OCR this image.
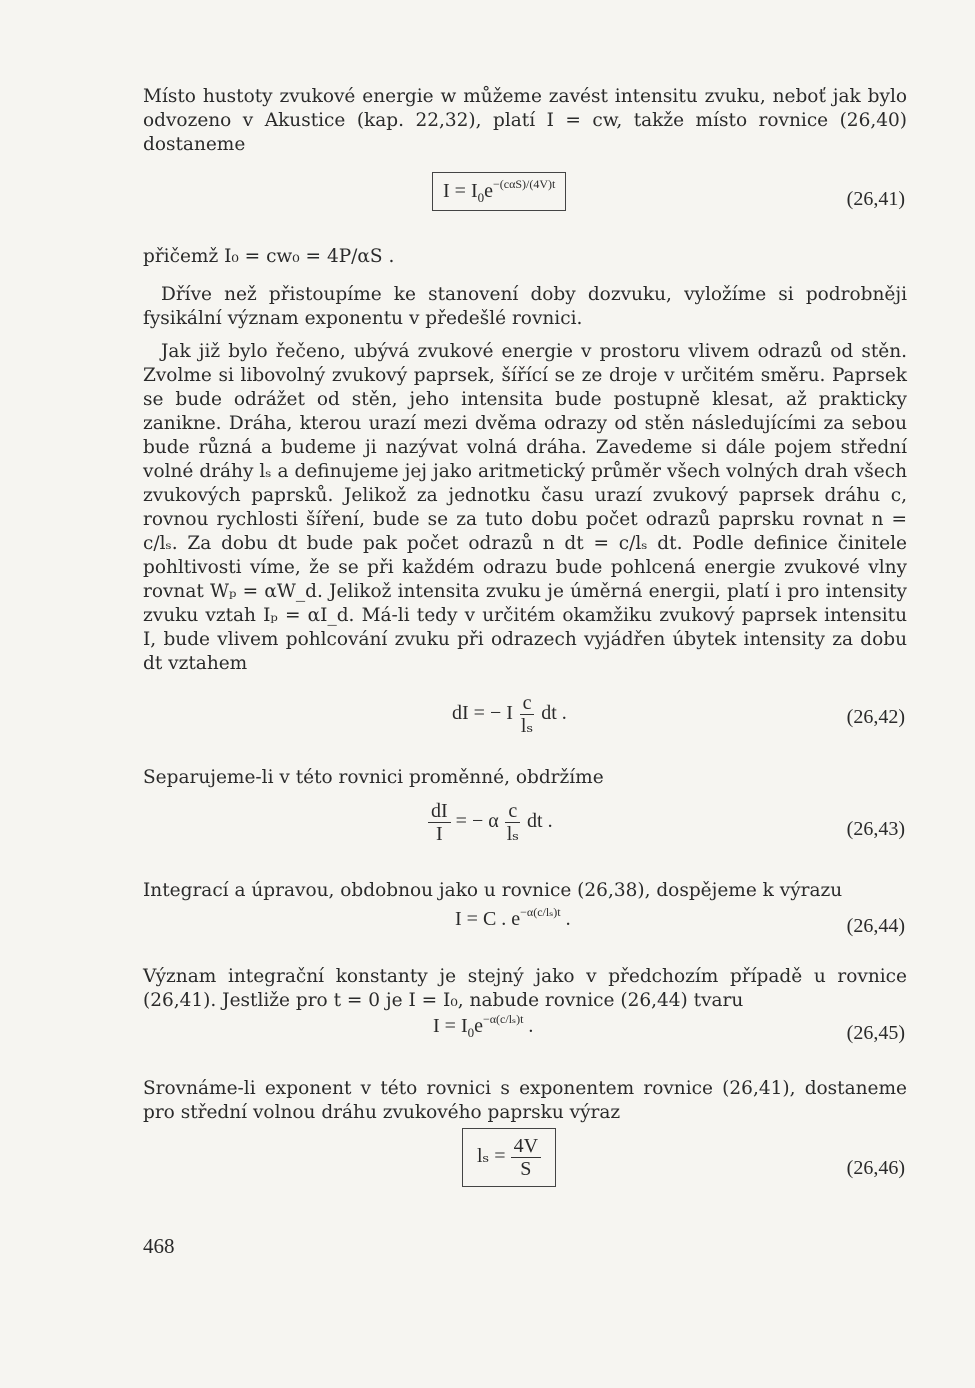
Místo hustoty zvukové energie w můžeme zavést intensitu zvuku, neboť jak bylo odvozeno v Akustice (kap. 22,32), platí I = cw, takže místo rovnice (26,40) dostaneme

$I = I_0e^{-(c\alpha S)/(4V)t}$
(26,41)

přičemž I₀ = cw₀ = 4P/αS .

Dříve než přistoupíme ke stanovení doby dozvuku, vyložíme si podrobněji fysikální význam exponentu v předešlé rovnici.

Jak již bylo řečeno, ubývá zvukové energie v prostoru vlivem odrazů od stěn. Zvolme si libovolný zvukový paprsek, šířící se ze droje v určitém směru. Paprsek se bude odrážet od stěn, jeho intensita bude postupně klesat, až prakticky zanikne. Dráha, kterou urazí mezi dvěma odrazy od stěn následujícími za sebou bude různá a budeme ji nazývat volná dráha. Zavedeme si dále pojem střední volné dráhy lₛ a definujeme jej jako aritmetický průměr všech volných drah všech zvukových paprsků. Jelikož za jednotku času urazí zvukový paprsek dráhu c, rovnou rychlosti šíření, bude se za tuto dobu počet odrazů paprsku rovnat n = c/lₛ. Za dobu dt bude pak počet odrazů n dt = c/lₛ dt. Podle definice činitele pohltivosti víme, že se při každém odrazu bude pohlcená energie zvukové vlny rovnat Wₚ = αW_d. Jelikož intensita zvuku je úměrná energii, platí i pro intensity zvuku vztah Iₚ = αI_d. Má-li tedy v určitém okamžiku zvukový paprsek intensitu I, bude vlivem pohlcování zvuku při odrazech vyjádřen úbytek intensity za dobu dt vztahem

dI = − I $\frac{c}{\text{lₛ}}$ dt .	(26,42)

Separujeme-li v této rovnici proměnné, obdržíme

$\frac{dI}{I}$ = − α $\frac{c}{\text{lₛ}}$ dt .	(26,43)

Integrací a úpravou, obdobnou jako u rovnice (26,38), dospějeme k výrazu

I = C . $e^{-\alpha(c/l_s)t}$ .	(26,44)

Význam integrační konstanty je stejný jako v předchozím případě u rovnice (26,41). Jestliže pro t = 0 je I = I₀, nabude rovnice (26,44) tvaru

$I = I_0e^{-\alpha(c/l_s)t}$ .	(26,45)

Srovnáme-li exponent v této rovnici s exponentem rovnice (26,41), dostaneme pro střední volnou dráhu zvukového paprsku výraz

$l_s = \frac{4V}{S}$	(26,46)
468
